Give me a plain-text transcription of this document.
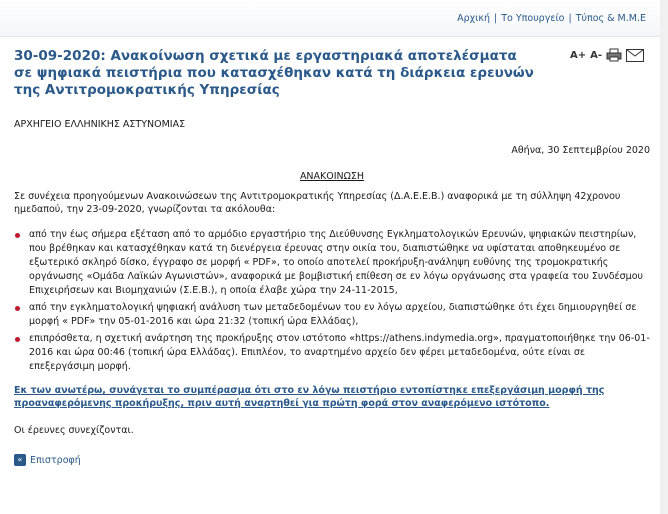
Αρχική | Το Υπουργείο | Τύπος & Μ.Μ.Ε
30-09-2020: Ανακοίνωση σχετικά με εργαστηριακά αποτελέσματα σε ψηφιακά πειστήρια που κατασχέθηκαν κατά τη διάρκεια ερευνών της Αντιτρομοκρατικής Υπηρεσίας
A+ A-
ΑΡΧΗΓΕΙΟ ΕΛΛΗΝΙΚΗΣ ΑΣΤΥΝΟΜΙΑΣ
Αθήνα, 30 Σεπτεμβρίου 2020
ΑΝΑΚΟΙΝΩΣΗ
Σε συνέχεια προηγούμενων Ανακοινώσεων της Αντιτρομοκρατικής Υπηρεσίας (Δ.Α.Ε.Ε.Β.) αναφορικά με τη σύλληψη 42χρονου ημεδαπού, την 23-09-2020, γνωρίζονται τα ακόλουθα:
από την έως σήμερα εξέταση από το αρμόδιο εργαστήριο της Διεύθυνσης Εγκληματολογικών Ερευνών, ψηφιακών πειστηρίων, που βρέθηκαν και κατασχέθηκαν κατά τη διενέργεια έρευνας στην οικία του, διαπιστώθηκε να υφίσταται αποθηκευμένο σε εξωτερικό σκληρό δίσκο, έγγραφο σε μορφή « PDF», το οποίο αποτελεί προκήρυξη-ανάληψη ευθύνης της τρομοκρατικής οργάνωσης «Ομάδα Λαϊκών Αγωνιστών», αναφορικά με βομβιστική επίθεση σε εν λόγω οργάνωσης στα γραφεία του Συνδέσμου Επιχειρήσεων και Βιομηχανιών (Σ.Ε.Β.), η οποία έλαβε χώρα την 24-11-2015,
από την εγκληματολογική ψηφιακή ανάλυση των μεταδεδομένων του εν λόγω αρχείου, διαπιστώθηκε ότι έχει δημιουργηθεί σε μορφή « PDF» την 05-01-2016 και ώρα 21:32 (τοπική ώρα Ελλάδας),
επιπρόσθετα, η σχετική ανάρτηση της προκήρυξης στον ιστότοπο «https://athens.indymedia.org», πραγματοποιήθηκε την 06-01-2016 και ώρα 00:46 (τοπική ώρα Ελλάδας). Επιπλέον, το αναρτημένο αρχείο δεν φέρει μεταδεδομένα, ούτε είναι σε επεξεργάσιμη μορφή.
Εκ των ανωτέρω, συνάγεται το συμπέρασμα ότι στο εν λόγω πειστήριο εντοπίστηκε επεξεργάσιμη μορφή της προαναφερόμενης προκήρυξης, πριν αυτή αναρτηθεί για πρώτη φορά στον αναφερόμενο ιστότοπο.
Οι έρευνες συνεχίζονται.
« Επιστροφή
